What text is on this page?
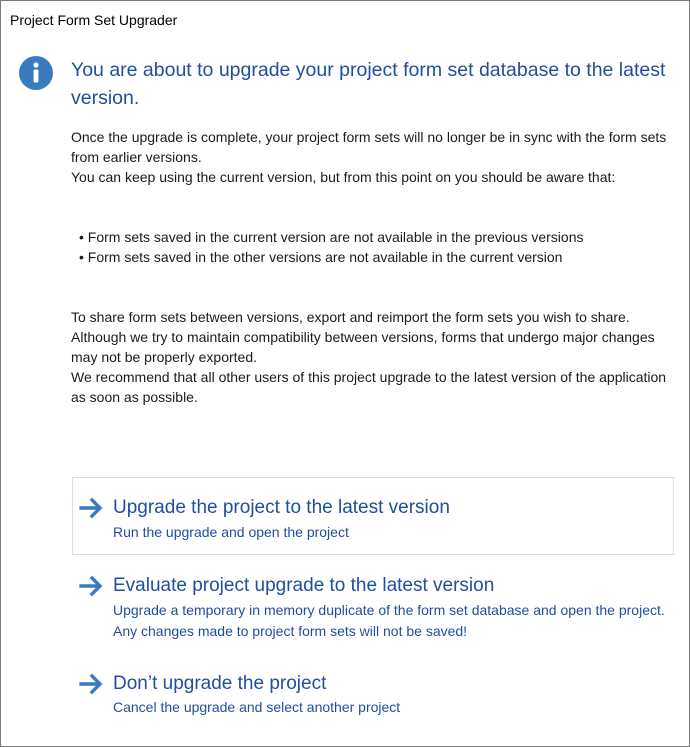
Project Form Set Upgrader
You are about to upgrade your project form set database to the latest version.
Once the upgrade is complete, your project form sets will no longer be in sync with the form sets from earlier versions.
You can keep using the current version, but from this point on you should be aware that:
• Form sets saved in the current version are not available in the previous versions
• Form sets saved in the other versions are not available in the current version
To share form sets between versions, export and reimport the form sets you wish to share. Although we try to maintain compatibility between versions, forms that undergo major changes may not be properly exported.
We recommend that all other users of this project upgrade to the latest version of the application as soon as possible.
Upgrade the project to the latest version
Run the upgrade and open the project
Evaluate project upgrade to the latest version
Upgrade a temporary in memory duplicate of the form set database and open the project. Any changes made to project form sets will not be saved!
Don’t upgrade the project
Cancel the upgrade and select another project
